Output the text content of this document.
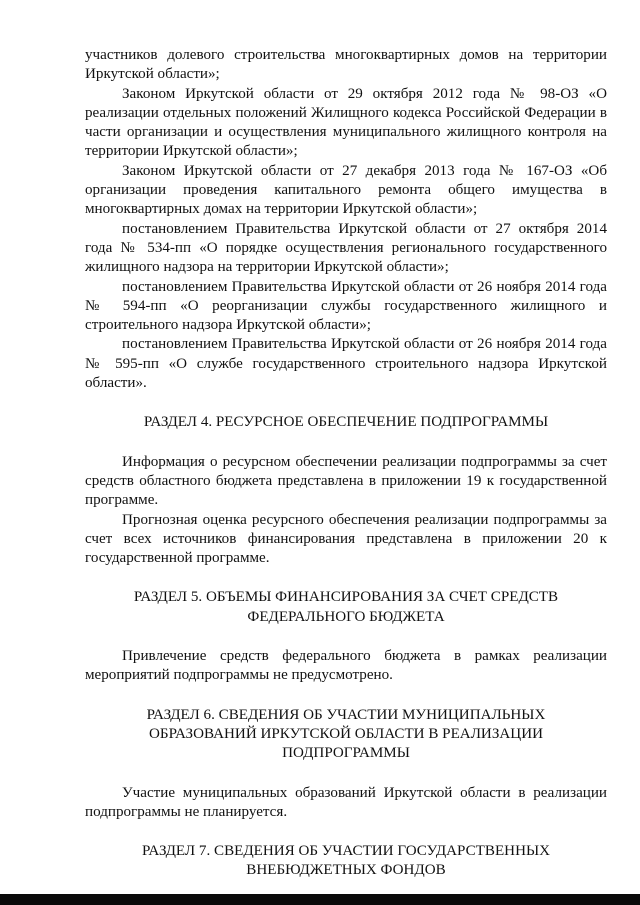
участников долевого строительства многоквартирных домов на территории Иркутской области»;

Законом Иркутской области от 29 октября 2012 года № 98-ОЗ «О реализации отдельных положений Жилищного кодекса Российской Федерации в части организации и осуществления муниципального жилищного контроля на территории Иркутской области»;

Законом Иркутской области от 27 декабря 2013 года № 167-ОЗ «Об организации проведения капитального ремонта общего имущества в многоквартирных домах на территории Иркутской области»;

постановлением Правительства Иркутской области от 27 октября 2014 года № 534-пп «О порядке осуществления регионального государственного жилищного надзора на территории Иркутской области»;

постановлением Правительства Иркутской области от 26 ноября 2014 года № 594-пп «О реорганизации службы государственного жилищного и строительного надзора Иркутской области»;

постановлением Правительства Иркутской области от 26 ноября 2014 года № 595-пп «О службе государственного строительного надзора Иркутской области».

РАЗДЕЛ 4. РЕСУРСНОЕ ОБЕСПЕЧЕНИЕ ПОДПРОГРАММЫ

Информация о ресурсном обеспечении реализации подпрограммы за счет средств областного бюджета представлена в приложении 19 к государственной программе.

Прогнозная оценка ресурсного обеспечения реализации подпрограммы за счет всех источников финансирования представлена в приложении 20 к государственной программе.

РАЗДЕЛ 5. ОБЪЕМЫ ФИНАНСИРОВАНИЯ ЗА СЧЕТ СРЕДСТВ

ФЕДЕРАЛЬНОГО БЮДЖЕТА

Привлечение средств федерального бюджета в рамках реализации мероприятий подпрограммы не предусмотрено.

РАЗДЕЛ 6. СВЕДЕНИЯ ОБ УЧАСТИИ МУНИЦИПАЛЬНЫХ

ОБРАЗОВАНИЙ ИРКУТСКОЙ ОБЛАСТИ В РЕАЛИЗАЦИИ

ПОДПРОГРАММЫ

Участие муниципальных образований Иркутской области в реализации подпрограммы не планируется.

РАЗДЕЛ 7. СВЕДЕНИЯ ОБ УЧАСТИИ ГОСУДАРСТВЕННЫХ

ВНЕБЮДЖЕТНЫХ ФОНДОВ
